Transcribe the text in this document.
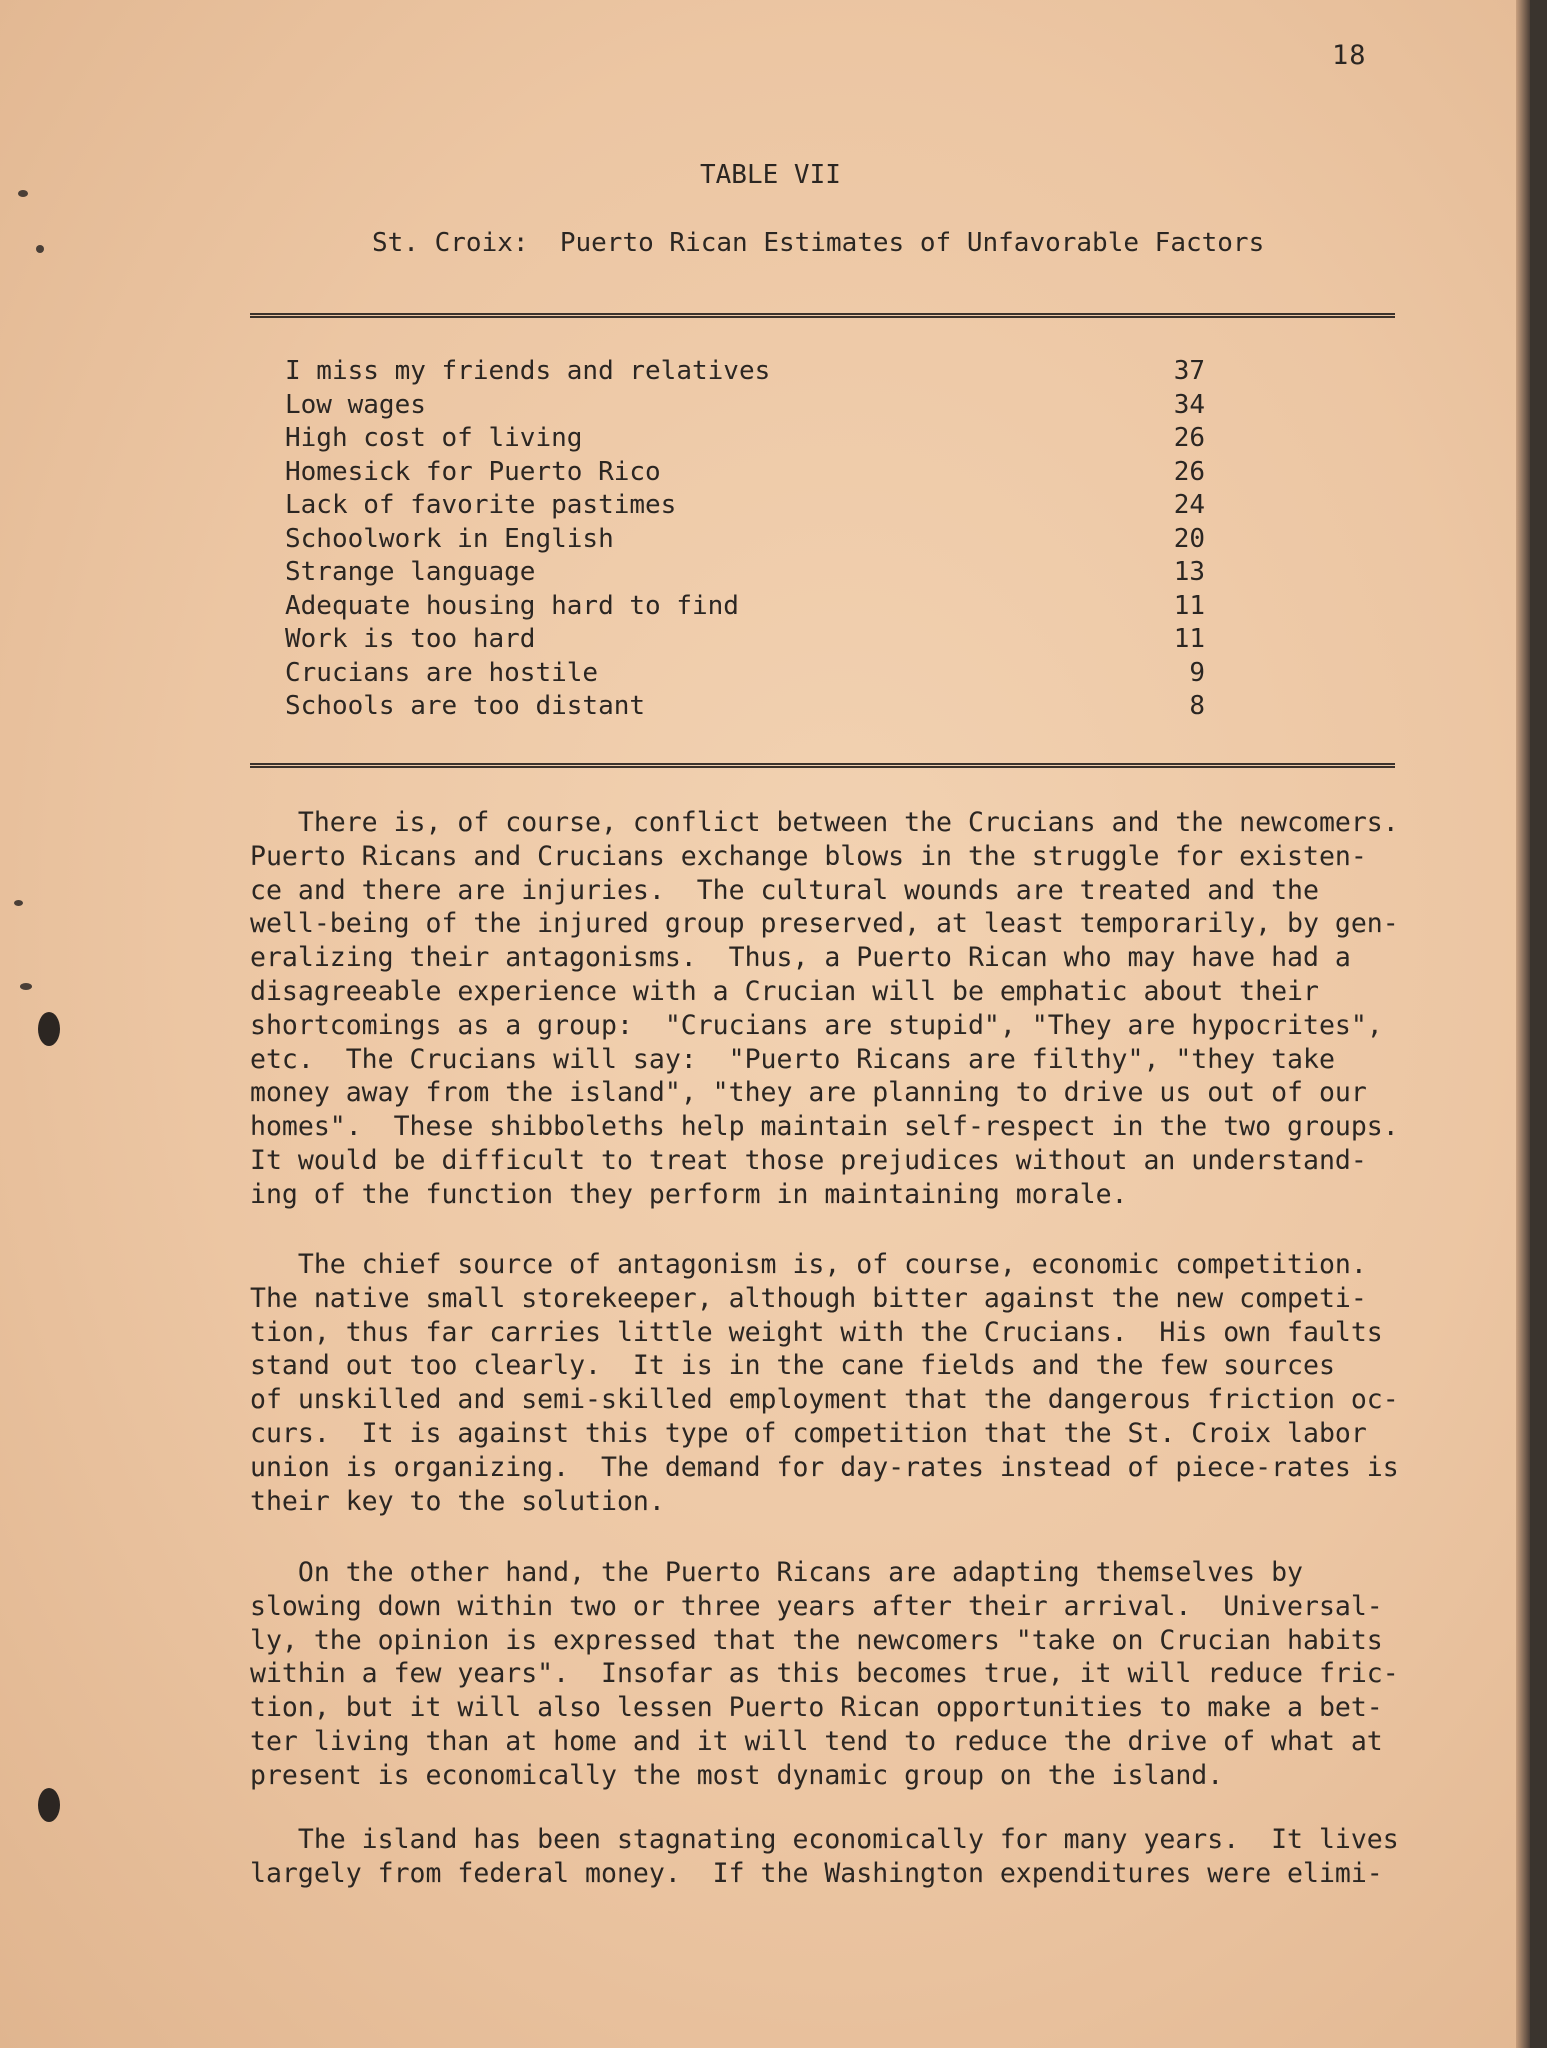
18
TABLE VII
St. Croix:  Puerto Rican Estimates of Unfavorable Factors
I miss my friends and relatives	37
Low wages	34
High cost of living	26
Homesick for Puerto Rico	26
Lack of favorite pastimes	24
Schoolwork in English	20
Strange language	13
Adequate housing hard to find	11
Work is too hard	11
Crucians are hostile	9
Schools are too distant	8
There is, of course, conflict between the Crucians and the newcomers.
Puerto Ricans and Crucians exchange blows in the struggle for existen-
ce and there are injuries.  The cultural wounds are treated and the
well-being of the injured group preserved, at least temporarily, by gen-
eralizing their antagonisms.  Thus, a Puerto Rican who may have had a
disagreeable experience with a Crucian will be emphatic about their
shortcomings as a group:  "Crucians are stupid", "They are hypocrites",
etc.  The Crucians will say:  "Puerto Ricans are filthy", "they take
money away from the island", "they are planning to drive us out of our
homes".  These shibboleths help maintain self-respect in the two groups.
It would be difficult to treat those prejudices without an understand-
ing of the function they perform in maintaining morale.
The chief source of antagonism is, of course, economic competition.
The native small storekeeper, although bitter against the new competi-
tion, thus far carries little weight with the Crucians.  His own faults
stand out too clearly.  It is in the cane fields and the few sources
of unskilled and semi-skilled employment that the dangerous friction oc-
curs.  It is against this type of competition that the St. Croix labor
union is organizing.  The demand for day-rates instead of piece-rates is
their key to the solution.
On the other hand, the Puerto Ricans are adapting themselves by
slowing down within two or three years after their arrival.  Universal-
ly, the opinion is expressed that the newcomers "take on Crucian habits
within a few years".  Insofar as this becomes true, it will reduce fric-
tion, but it will also lessen Puerto Rican opportunities to make a bet-
ter living than at home and it will tend to reduce the drive of what at
present is economically the most dynamic group on the island.
The island has been stagnating economically for many years.  It lives
largely from federal money.  If the Washington expenditures were elimi-
